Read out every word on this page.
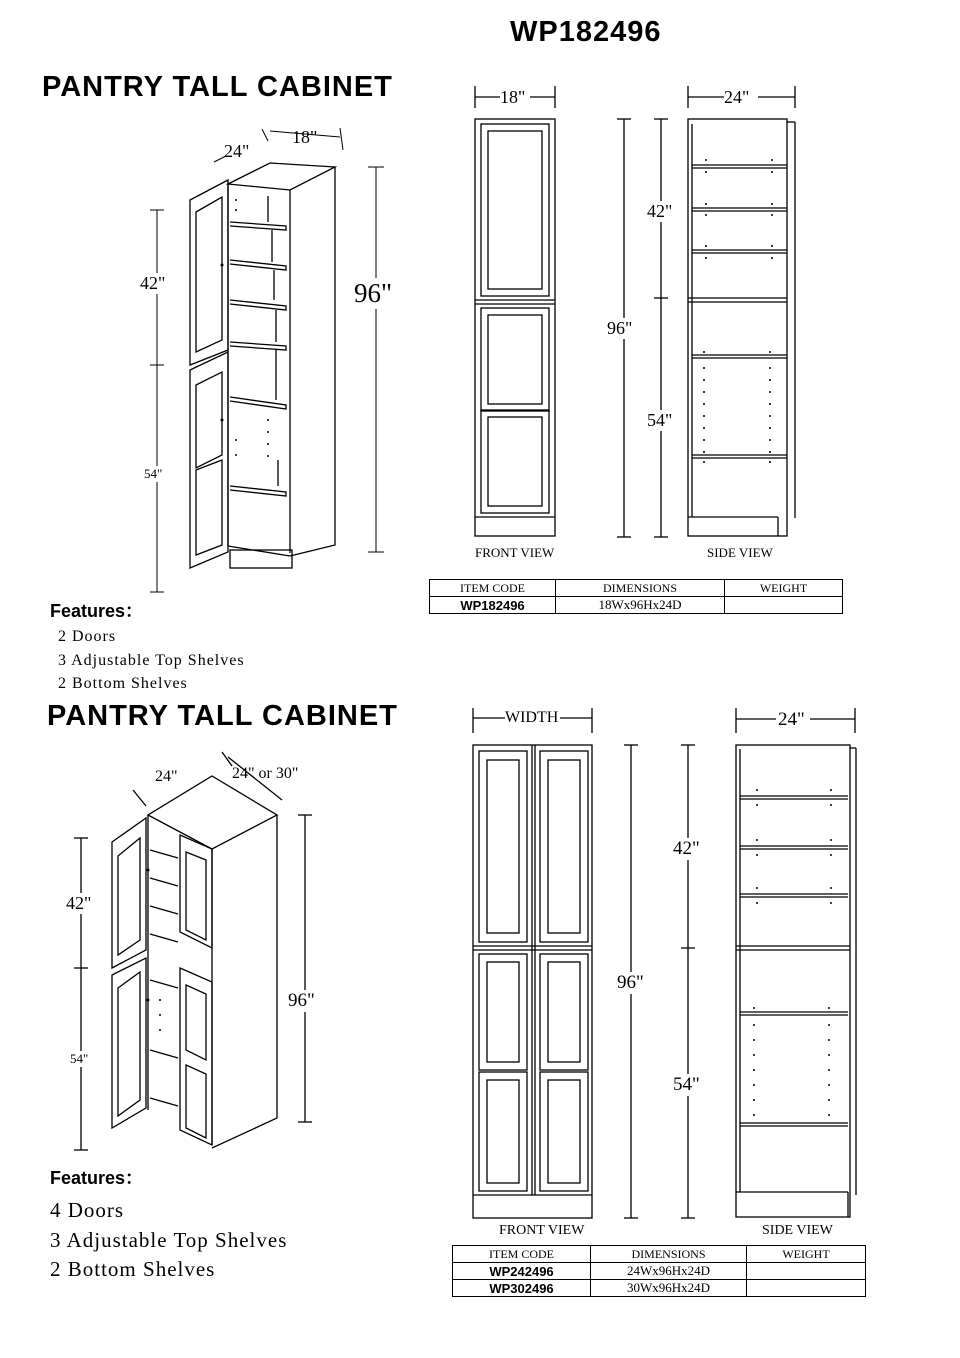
WP182496
PANTRY TALL CABINET
24"
18"
96"
42"
54"
18"	24"
96"
42"
54"
FRONT VIEW	SIDE VIEW
ITEM CODE	DIMENSIONS	WEIGHT
WP182496	18Wx96Hx24D	
Features：
2 Doors
3 Adjustable Top Shelves
2 Bottom Shelves
PANTRY TALL CABINET
24"	24" or 30"
96"
42"
54"
WIDTH	24"
96"
42"
54"
FRONT VIEW	SIDE VIEW
ITEM CODE	DIMENSIONS	WEIGHT
WP242496	24Wx96Hx24D	
WP302496	30Wx96Hx24D	
Features：
4 Doors
3 Adjustable Top Shelves
2 Bottom Shelves
